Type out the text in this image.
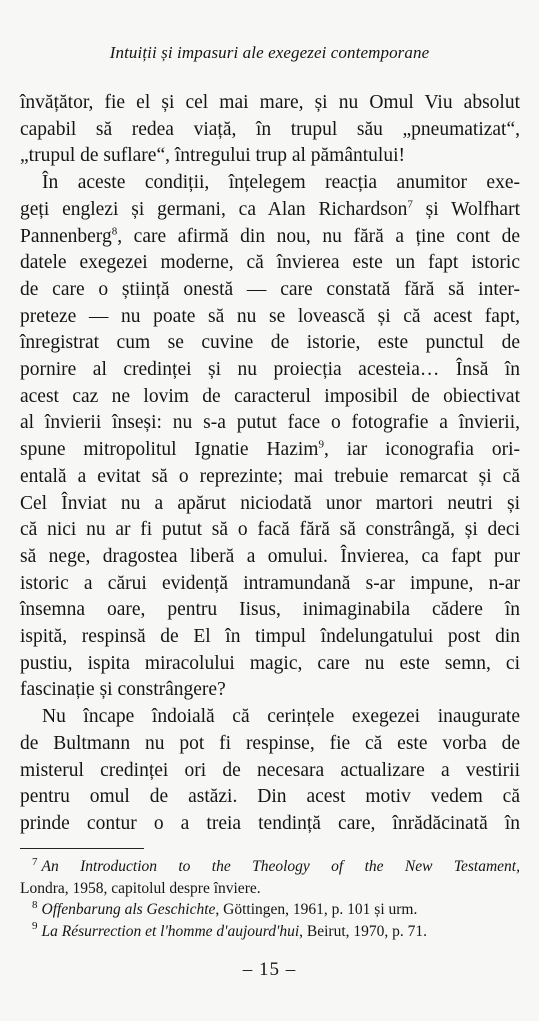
Intuiții și impasuri ale exegezei contemporane
învățător, fie el și cel mai mare, și nu Omul Viu absolut
capabil să redea viață, în trupul său „pneumatizat“,
„trupul de suflare“, întregului trup al pământului!
În aceste condiții, înțelegem reacția anumitor exe-
geți englezi și germani, ca Alan Richardson$^7$ și Wolfhart
Pannenberg$^8$, care afirmă din nou, nu fără a ține cont de
datele exegezei moderne, că învierea este un fapt istoric
de care o știință onestă — care constată fără să inter-
preteze — nu poate să nu se lovească și că acest fapt,
înregistrat cum se cuvine de istorie, este punctul de
pornire al credinței și nu proiecția acesteia… Însă în
acest caz ne lovim de caracterul imposibil de obiectivat
al învierii înseși: nu s-a putut face o fotografie a învierii,
spune mitropolitul Ignatie Hazim$^9$, iar iconografia ori-
entală a evitat să o reprezinte; mai trebuie remarcat și că
Cel Înviat nu a apărut niciodată unor martori neutri și
că nici nu ar fi putut să o facă fără să constrângă, și deci
să nege, dragostea liberă a omului. Învierea, ca fapt pur
istoric a cărui evidență intramundană s-ar impune, n-ar
însemna oare, pentru Iisus, inimaginabila cădere în
ispită, respinsă de El în timpul îndelungatului post din
pustiu, ispita miracolului magic, care nu este semn, ci
fascinație și constrângere?
Nu încape îndoială că cerințele exegezei inaugurate
de Bultmann nu pot fi respinse, fie că este vorba de
misterul credinței ori de necesara actualizare a vestirii
pentru omul de astăzi. Din acest motiv vedem că
prinde contur o a treia tendință care, înrădăcinată în
$^7$ An Introduction to the Theology of the New Testament,
Londra, 1958, capitolul despre înviere.
$^8$ Offenbarung als Geschichte, Göttingen, 1961, p. 101 și urm.
$^9$ La Résurrection et l'homme d'aujourd'hui, Beirut, 1970, p. 71.
– 15 –
